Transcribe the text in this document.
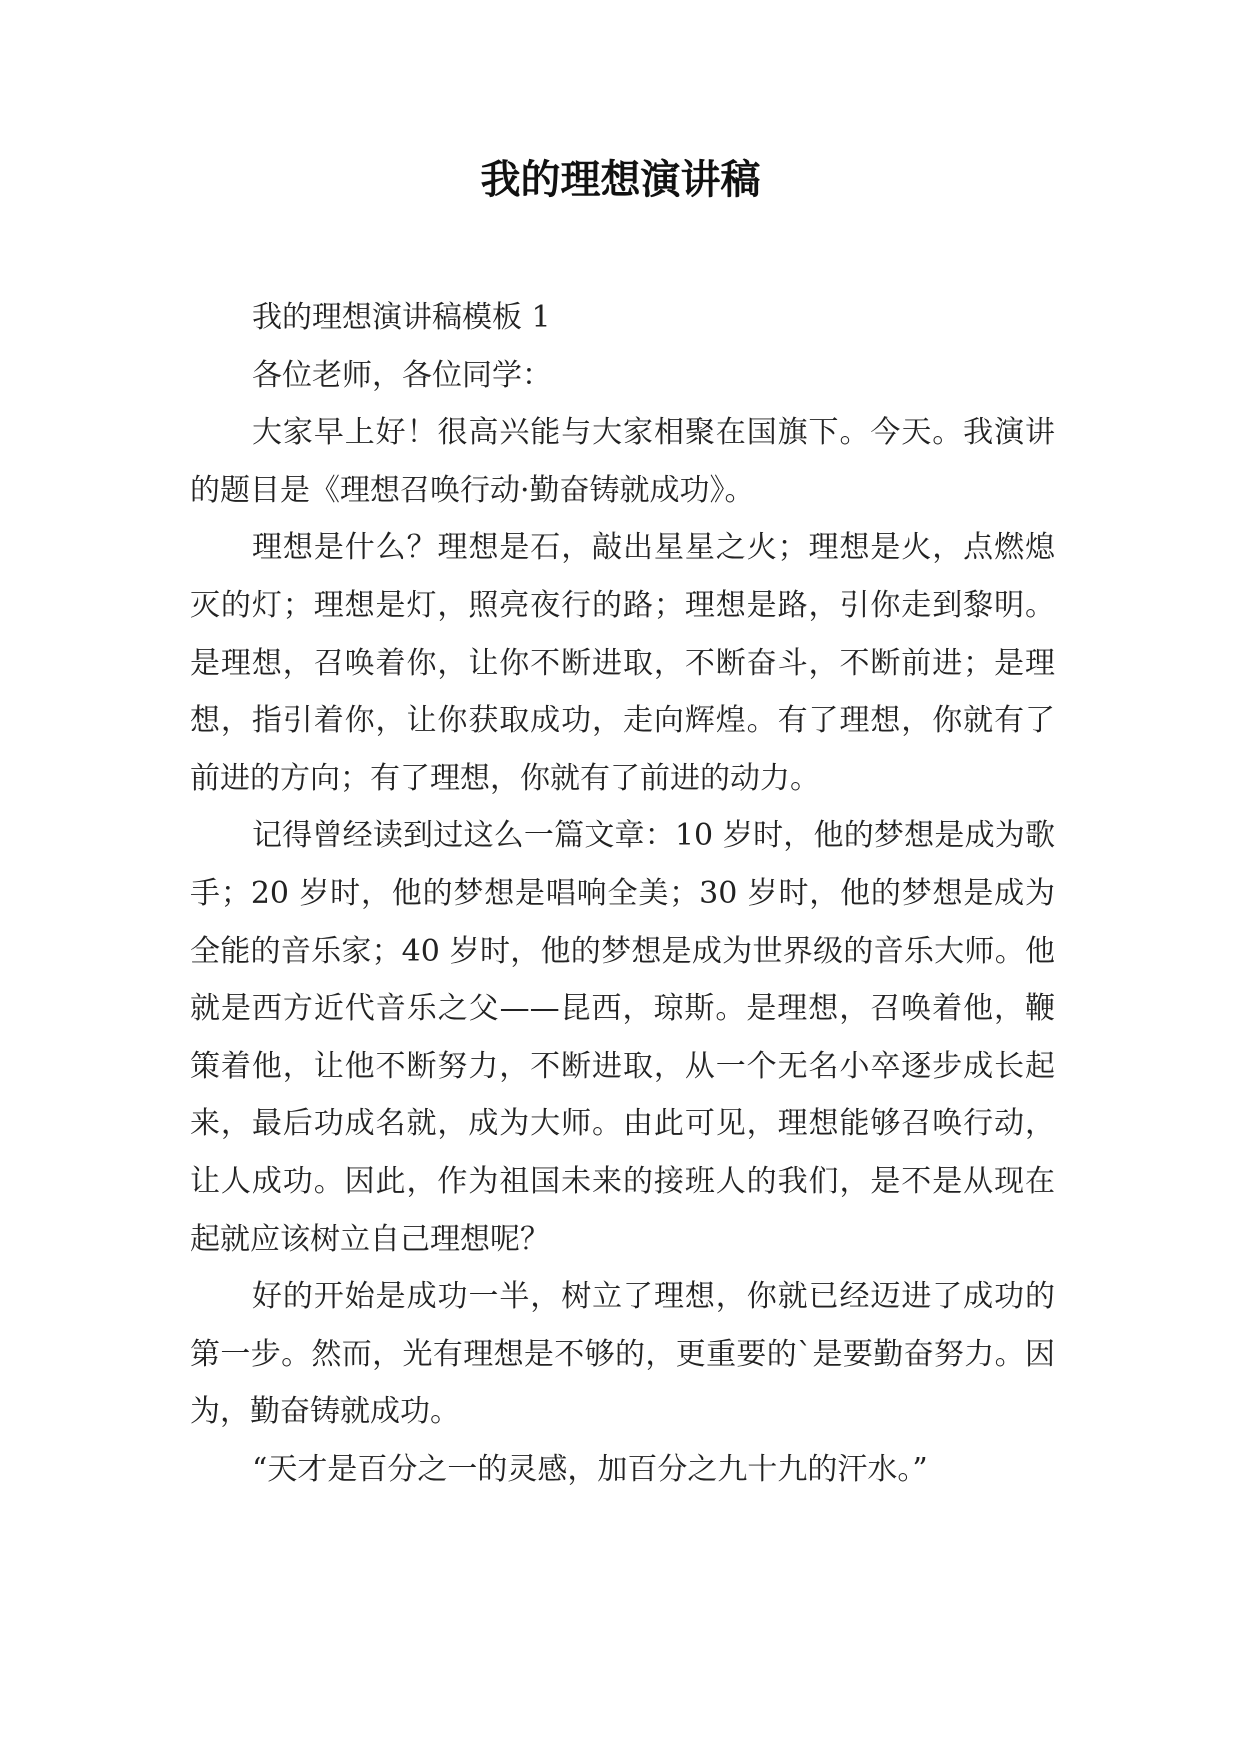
我的理想演讲稿

我的理想演讲稿模板 1

各位老师，各位同学：

大家早上好！很高兴能与大家相聚在国旗下。今天。我演讲的题目是《理想召唤行动·勤奋铸就成功》。

理想是什么？理想是石，敲出星星之火；理想是火，点燃熄灭的灯；理想是灯，照亮夜行的路；理想是路，引你走到黎明。是理想，召唤着你，让你不断进取，不断奋斗，不断前进；是理想，指引着你，让你获取成功，走向辉煌。有了理想，你就有了前进的方向；有了理想，你就有了前进的动力。

记得曾经读到过这么一篇文章：10 岁时，他的梦想是成为歌手；20 岁时，他的梦想是唱响全美；30 岁时，他的梦想是成为全能的音乐家；40 岁时，他的梦想是成为世界级的音乐大师。他就是西方近代音乐之父——昆西，琼斯。是理想，召唤着他，鞭策着他，让他不断努力，不断进取，从一个无名小卒逐步成长起来，最后功成名就，成为大师。由此可见，理想能够召唤行动，让人成功。因此，作为祖国未来的接班人的我们，是不是从现在起就应该树立自己理想呢？

好的开始是成功一半，树立了理想，你就已经迈进了成功的第一步。然而，光有理想是不够的，更重要的`是要勤奋努力。因为，勤奋铸就成功。

“天才是百分之一的灵感，加百分之九十九的汗水。”
